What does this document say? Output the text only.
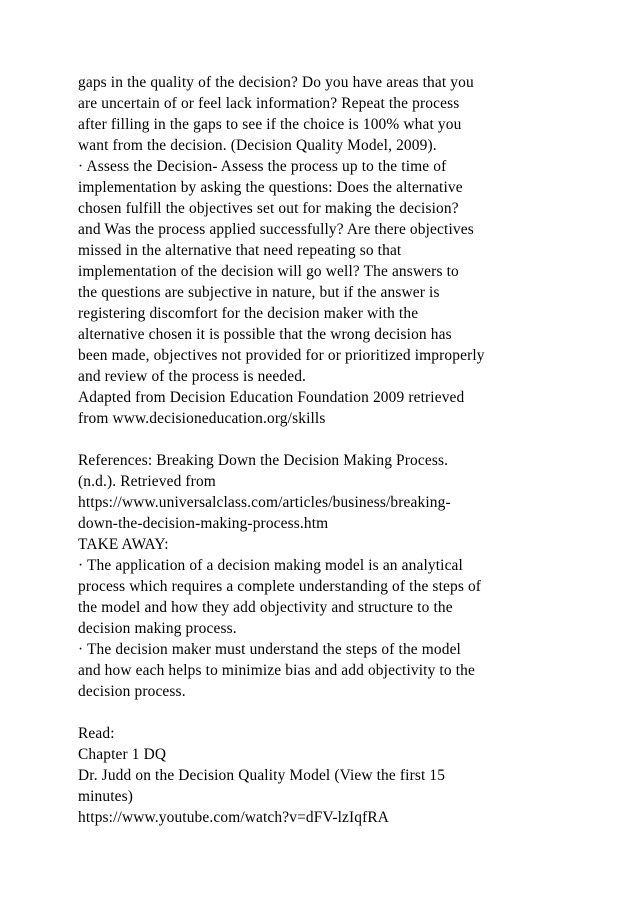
gaps in the quality of the decision? Do you have areas that you
are uncertain of or feel lack information? Repeat the process
after filling in the gaps to see if the choice is 100% what you
want from the decision. (Decision Quality Model, 2009).
· Assess the Decision- Assess the process up to the time of
implementation by asking the questions: Does the alternative
chosen fulfill the objectives set out for making the decision?
and Was the process applied successfully? Are there objectives
missed in the alternative that need repeating so that
implementation of the decision will go well? The answers to
the questions are subjective in nature, but if the answer is
registering discomfort for the decision maker with the
alternative chosen it is possible that the wrong decision has
been made, objectives not provided for or prioritized improperly
and review of the process is needed.
Adapted from Decision Education Foundation 2009 retrieved
from www.decisioneducation.org/skills
References: Breaking Down the Decision Making Process.
(n.d.). Retrieved from
https://www.universalclass.com/articles/business/breaking-
down-the-decision-making-process.htm
TAKE AWAY:
· The application of a decision making model is an analytical
process which requires a complete understanding of the steps of
the model and how they add objectivity and structure to the
decision making process.
· The decision maker must understand the steps of the model
and how each helps to minimize bias and add objectivity to the
decision process.
Read:
Chapter 1 DQ
Dr. Judd on the Decision Quality Model (View the first 15
minutes)
https://www.youtube.com/watch?v=dFV-lzIqfRA
